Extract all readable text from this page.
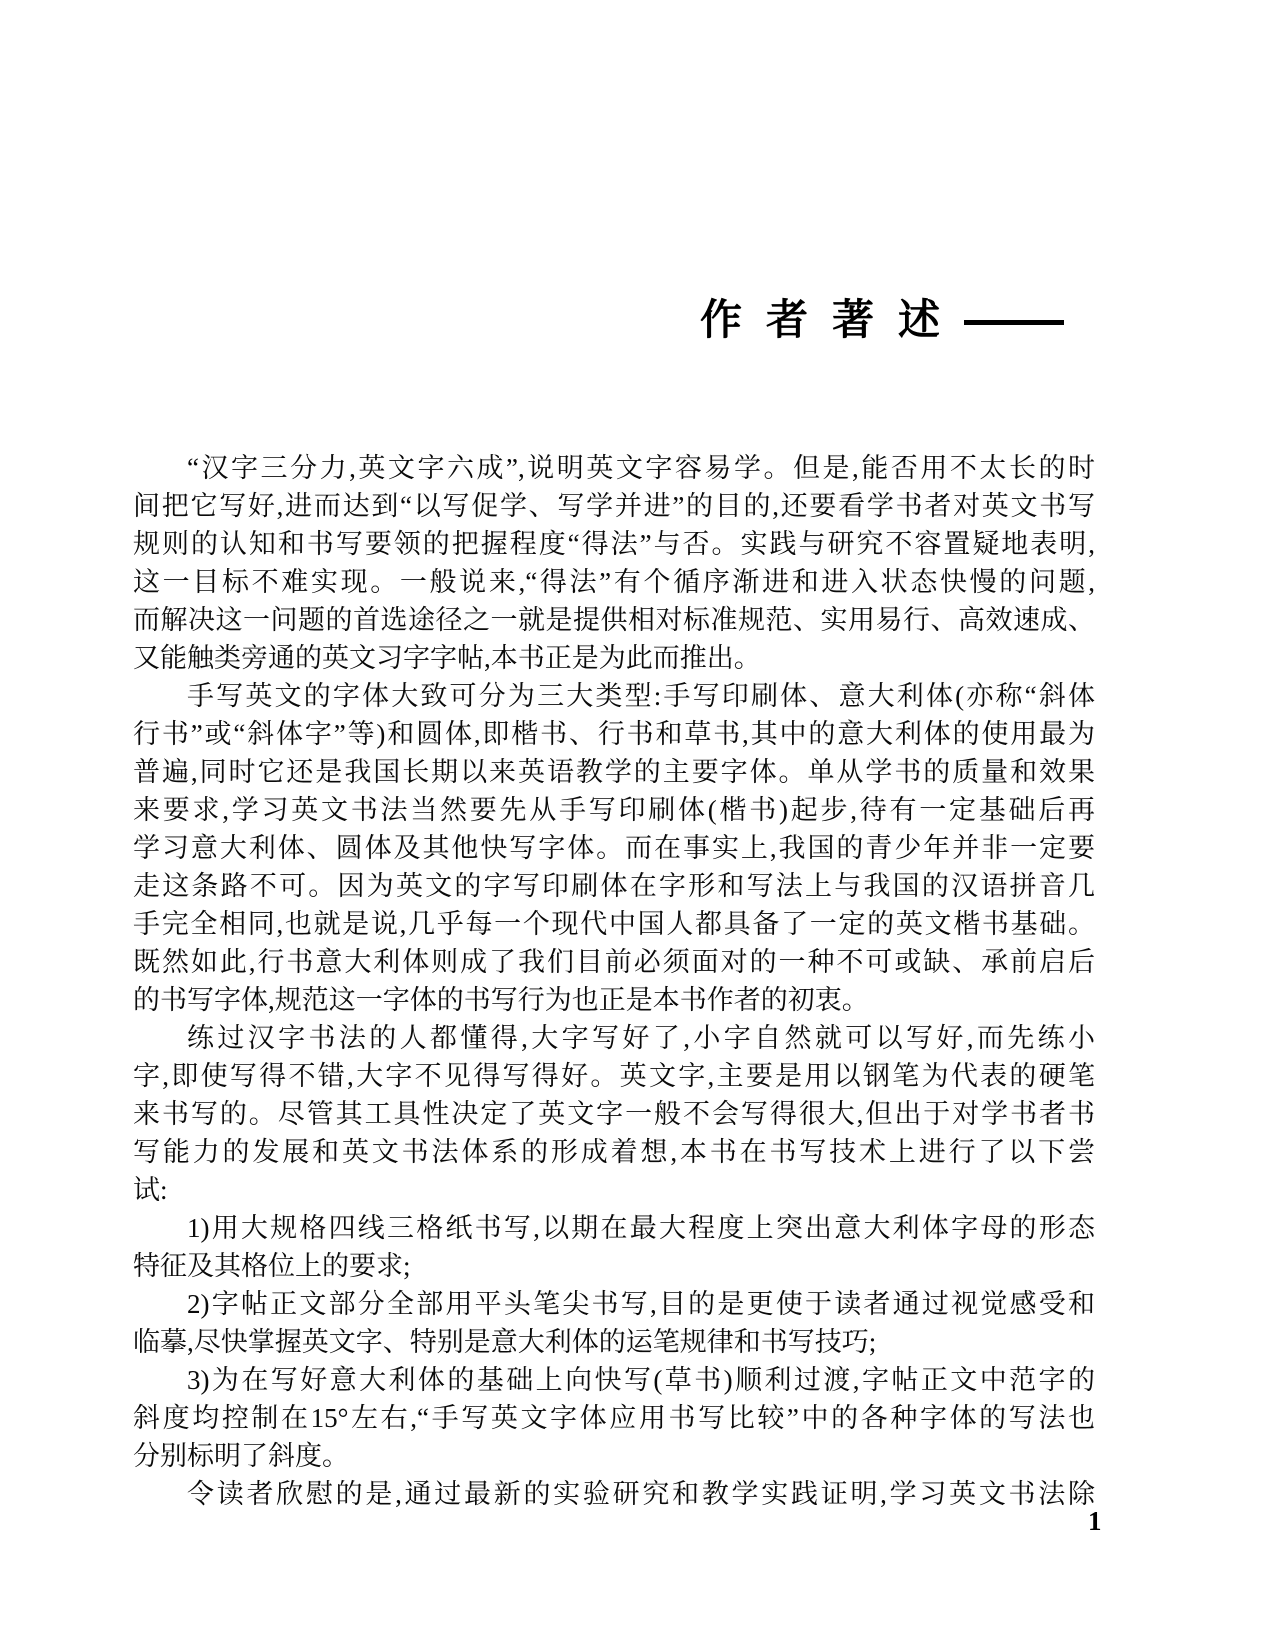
作者著述
“汉字三分力,英文字六成”,说明英文字容易学。但是,能否用不太长的时
间把它写好,进而达到“以写促学、写学并进”的目的,还要看学书者对英文书写
规则的认知和书写要领的把握程度“得法”与否。实践与研究不容置疑地表明,
这一目标不难实现。一般说来,“得法”有个循序渐进和进入状态快慢的问题,
而解决这一问题的首选途径之一就是提供相对标准规范、实用易行、高效速成、
又能触类旁通的英文习字字帖,本书正是为此而推出。
手写英文的字体大致可分为三大类型:手写印刷体、意大利体(亦称“斜体
行书”或“斜体字”等)和圆体,即楷书、行书和草书,其中的意大利体的使用最为
普遍,同时它还是我国长期以来英语教学的主要字体。单从学书的质量和效果
来要求,学习英文书法当然要先从手写印刷体(楷书)起步,待有一定基础后再
学习意大利体、圆体及其他快写字体。而在事实上,我国的青少年并非一定要
走这条路不可。因为英文的字写印刷体在字形和写法上与我国的汉语拼音几
手完全相同,也就是说,几乎每一个现代中国人都具备了一定的英文楷书基础。
既然如此,行书意大利体则成了我们目前必须面对的一种不可或缺、承前启后
的书写字体,规范这一字体的书写行为也正是本书作者的初衷。
练过汉字书法的人都懂得,大字写好了,小字自然就可以写好,而先练小
字,即使写得不错,大字不见得写得好。英文字,主要是用以钢笔为代表的硬笔
来书写的。尽管其工具性决定了英文字一般不会写得很大,但出于对学书者书
写能力的发展和英文书法体系的形成着想,本书在书写技术上进行了以下尝
试:
1)用大规格四线三格纸书写,以期在最大程度上突出意大利体字母的形态
特征及其格位上的要求;
2)字帖正文部分全部用平头笔尖书写,目的是更使于读者通过视觉感受和
临摹,尽快掌握英文字、特别是意大利体的运笔规律和书写技巧;
3)为在写好意大利体的基础上向快写(草书)顺利过渡,字帖正文中范字的
斜度均控制在15°左右,“手写英文字体应用书写比较”中的各种字体的写法也
分别标明了斜度。
令读者欣慰的是,通过最新的实验研究和教学实践证明,学习英文书法除
1
